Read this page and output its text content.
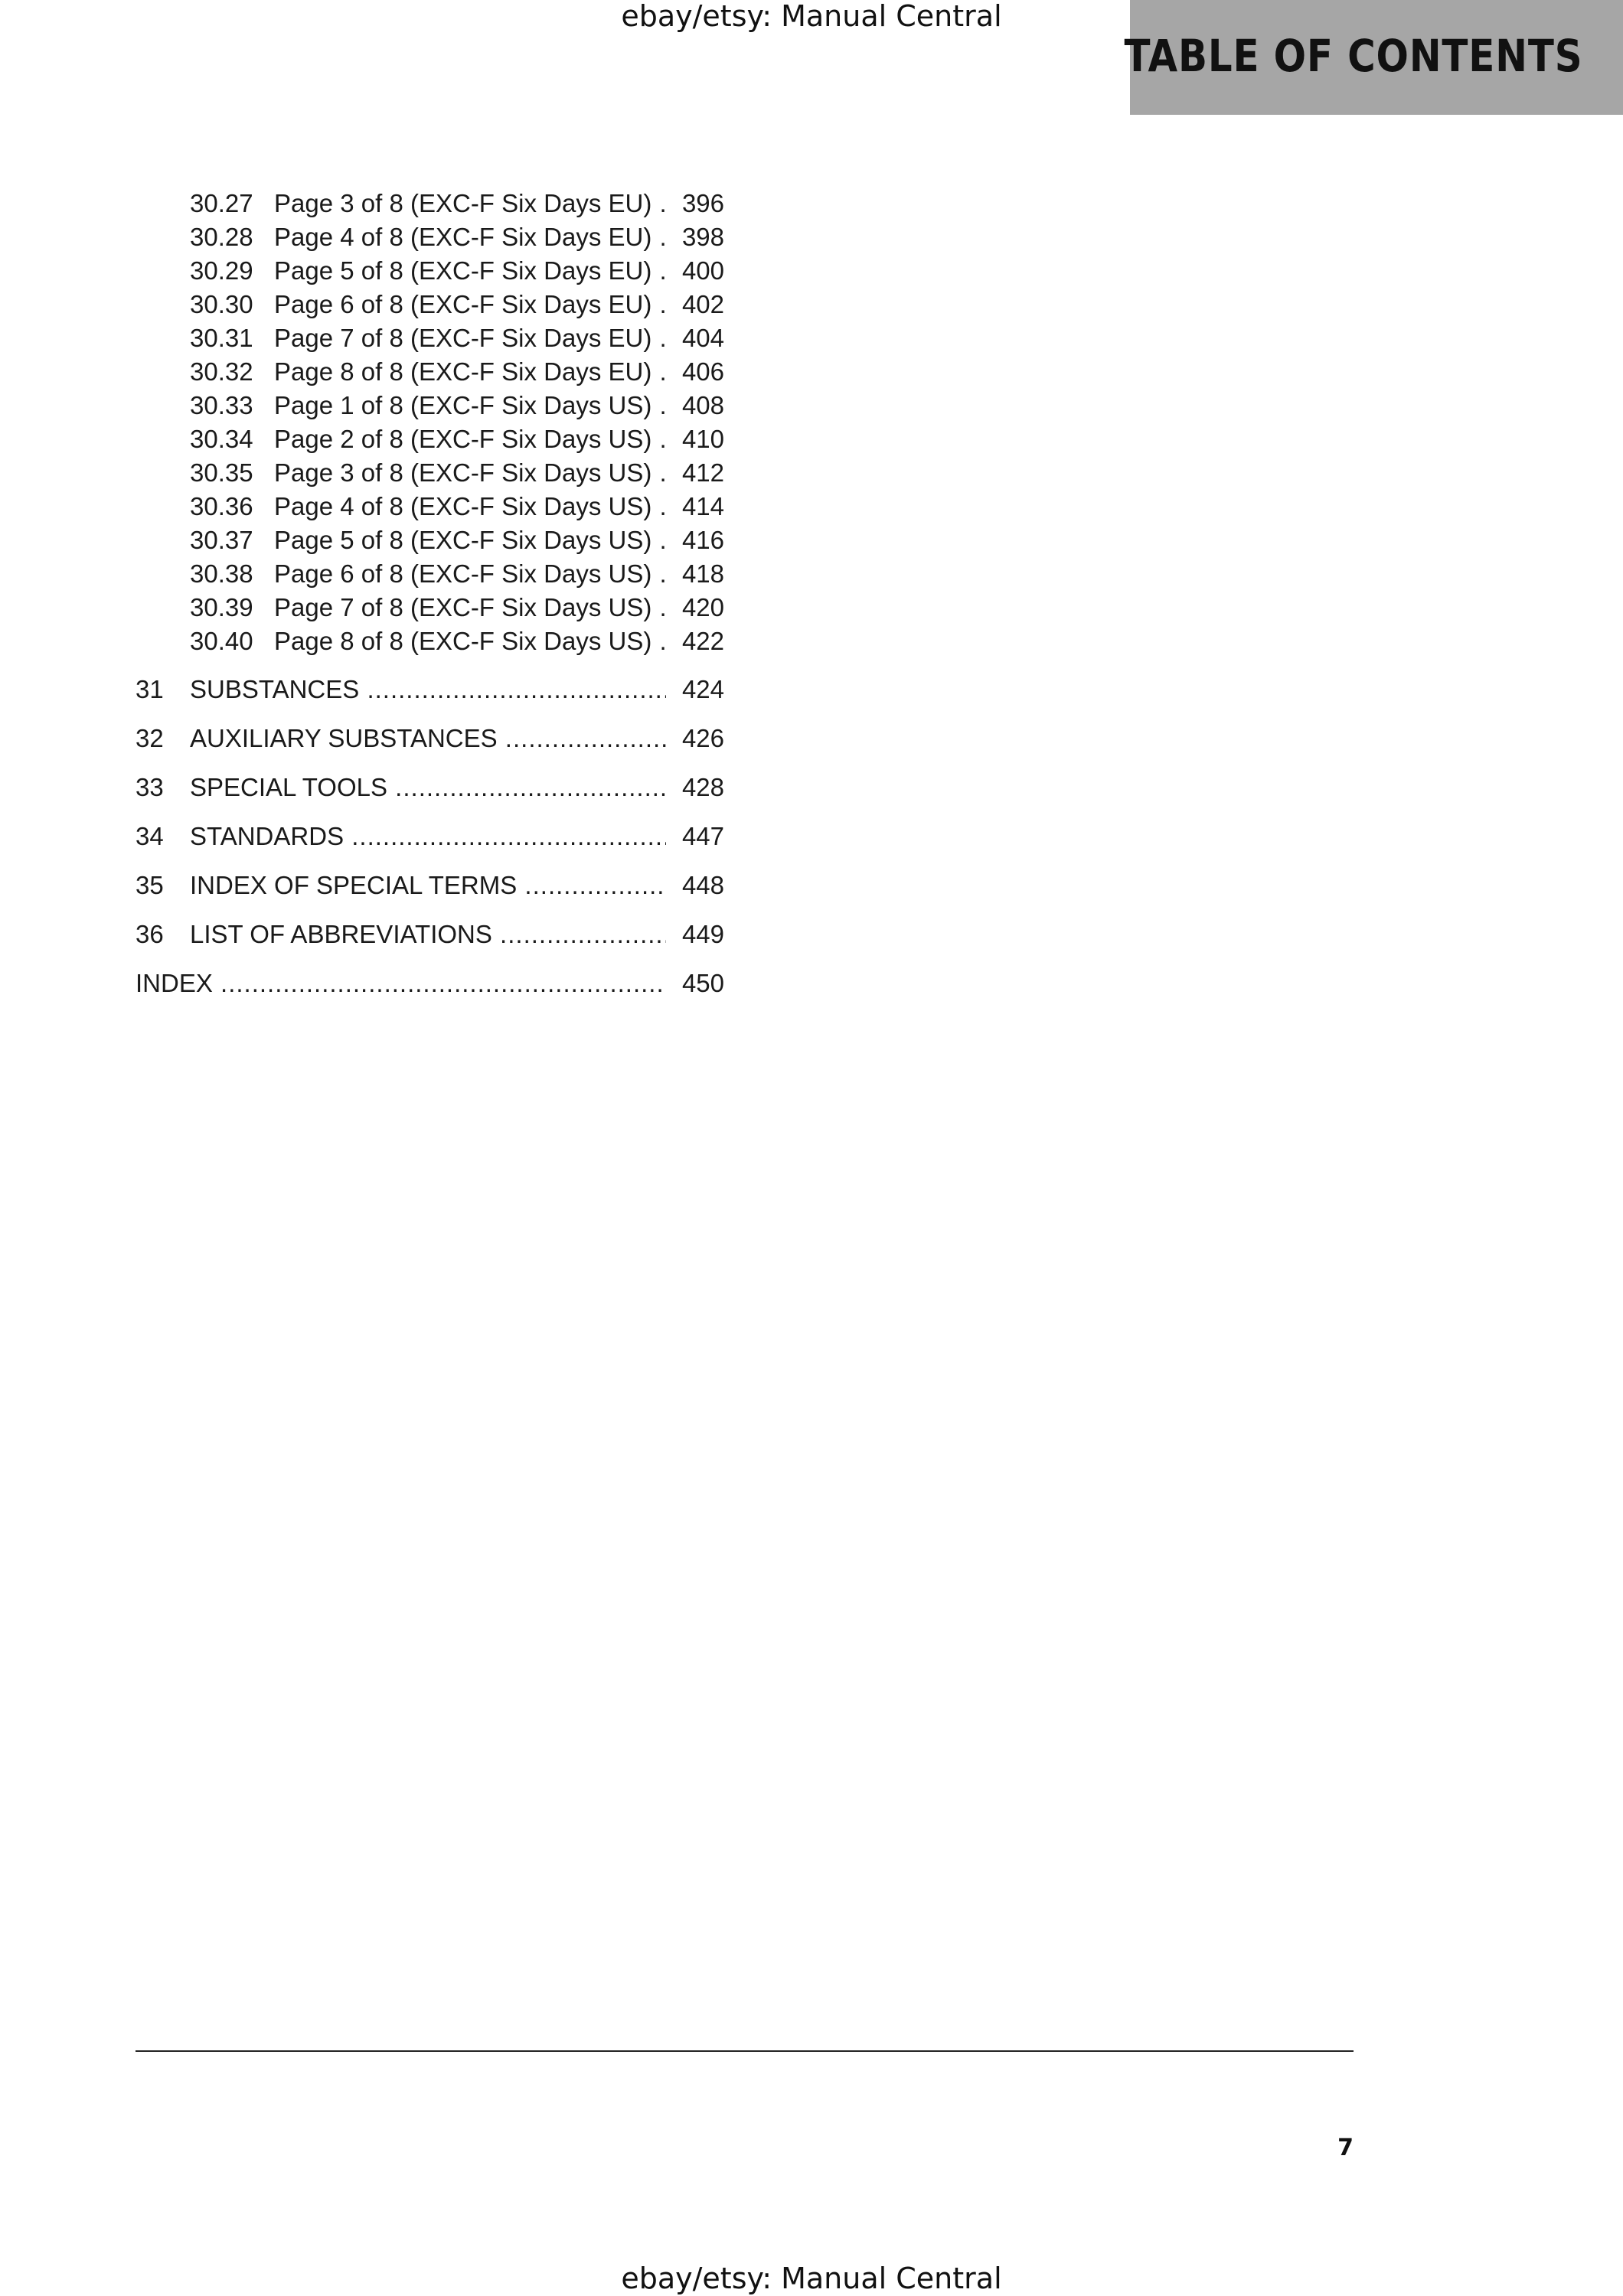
ebay/etsy: Manual Central
TABLE OF CONTENTS
30.27 Page 3 of 8 (EXC-F Six Days EU) .....	396
30.28 Page 4 of 8 (EXC-F Six Days EU) .....	398
30.29 Page 5 of 8 (EXC-F Six Days EU) .....	400
30.30 Page 6 of 8 (EXC-F Six Days EU) .....	402
30.31 Page 7 of 8 (EXC-F Six Days EU) .....	404
30.32 Page 8 of 8 (EXC-F Six Days EU) .....	406
30.33 Page 1 of 8 (EXC-F Six Days US) .....	408
30.34 Page 2 of 8 (EXC-F Six Days US) .....	410
30.35 Page 3 of 8 (EXC-F Six Days US) .....	412
30.36 Page 4 of 8 (EXC-F Six Days US) .....	414
30.37 Page 5 of 8 (EXC-F Six Days US) .....	416
30.38 Page 6 of 8 (EXC-F Six Days US) .....	418
30.39 Page 7 of 8 (EXC-F Six Days US) .....	420
30.40 Page 8 of 8 (EXC-F Six Days US) .....	422
31 SUBSTANCES .....	424
32 AUXILIARY SUBSTANCES .....	426
33 SPECIAL TOOLS .....	428
34 STANDARDS .....	447
35 INDEX OF SPECIAL TERMS .....	448
36 LIST OF ABBREVIATIONS .....	449
INDEX .....	450
7
ebay/etsy: Manual Central
